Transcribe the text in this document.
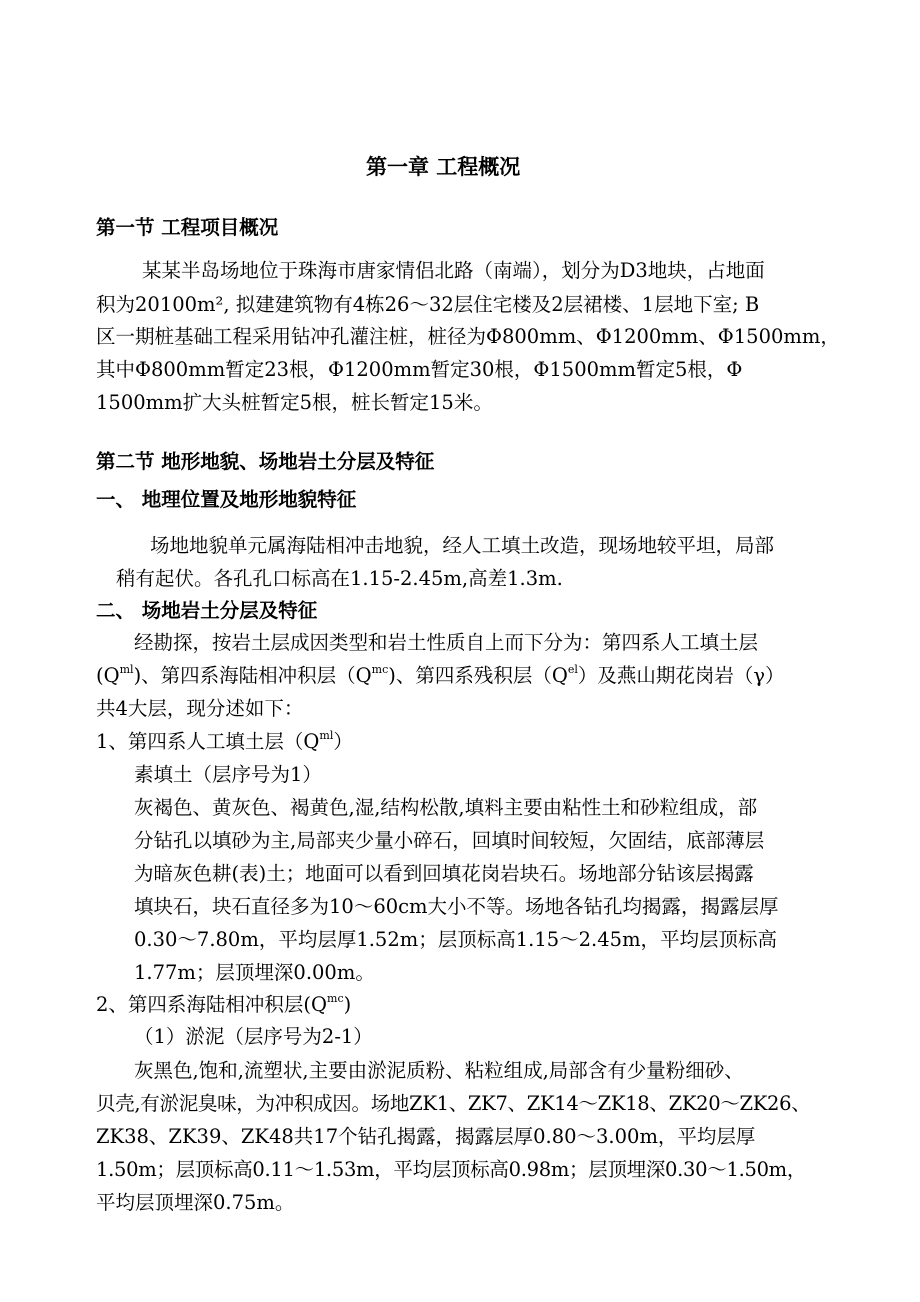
第一章 工程概况
第一节 工程项目概况
某某半岛场地位于珠海市唐家情侣北路（南端），划分为D3地块，占地面
积为20100m², 拟建建筑物有4栋26～32层住宅楼及2层裙楼、1层地下室; B
区一期桩基础工程采用钻冲孔灌注桩，桩径为Φ800mm、Φ1200mm、Φ1500mm，
其中Φ800mm暂定23根，Φ1200mm暂定30根，Φ1500mm暂定5根，Φ
1500mm扩大头桩暂定5根，桩长暂定15米。
第二节 地形地貌、场地岩土分层及特征
一、 地理位置及地形地貌特征
场地地貌单元属海陆相冲击地貌，经人工填土改造，现场地较平坦，局部
稍有起伏。各孔孔口标高在1.15-2.45m,高差1.3m.
二、 场地岩土分层及特征
经勘探，按岩土层成因类型和岩土性质自上而下分为：第四系人工填土层
$(Q^{ml})$、第四系海陆相冲积层$(Q^{mc})$、第四系残积层$(Q^{el})$及燕山期花岗岩（γ）
共4大层，现分述如下：
1、第四系人工填土层$(Q^{ml})$
素填土（层序号为1）
灰褐色、黄灰色、褐黄色,湿,结构松散,填料主要由粘性土和砂粒组成，部
分钻孔以填砂为主,局部夹少量小碎石，回填时间较短，欠固结，底部薄层
为暗灰色耕(表)土；地面可以看到回填花岗岩块石。场地部分钻该层揭露
填块石，块石直径多为10～60cm大小不等。场地各钻孔均揭露，揭露层厚
0.30～7.80m，平均层厚1.52m；层顶标高1.15～2.45m，平均层顶标高
1.77m；层顶埋深0.00m。
2、第四系海陆相冲积层$(Q^{mc})$
（1）淤泥（层序号为2-1）
灰黑色,饱和,流塑状,主要由淤泥质粉、粘粒组成,局部含有少量粉细砂、
贝壳,有淤泥臭味，为冲积成因。场地ZK1、ZK7、ZK14～ZK18、ZK20～ZK26、
ZK38、ZK39、ZK48共17个钻孔揭露，揭露层厚0.80～3.00m，平均层厚
1.50m；层顶标高0.11～1.53m，平均层顶标高0.98m；层顶埋深0.30～1.50m，
平均层顶埋深0.75m。
